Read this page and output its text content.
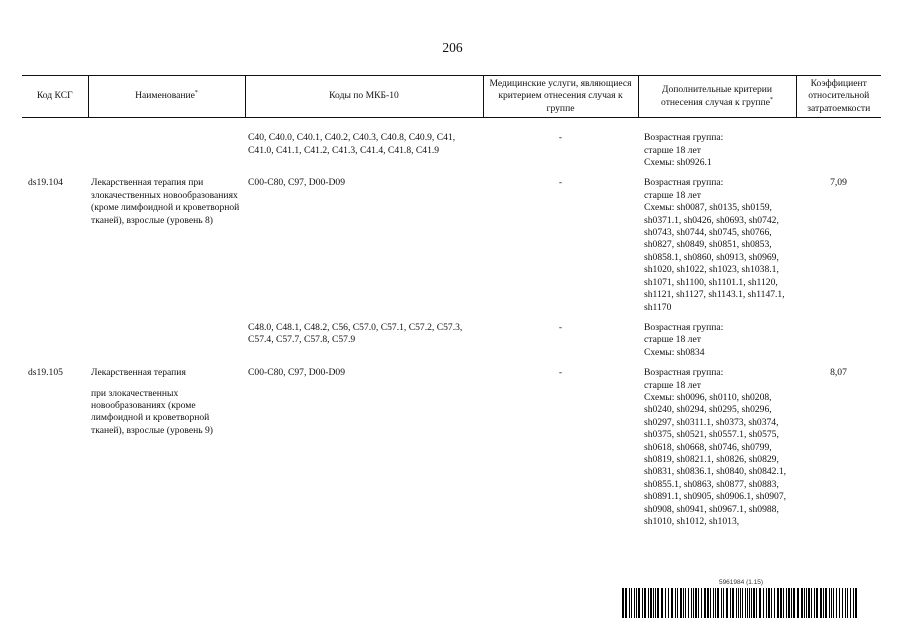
206
Код КСГ	Наименование*	Коды по МКБ-10	Медицинские услуги, являющиеся критерием отнесения случая к группе	Дополнительные критерии отнесения случая к группе*	Коэффициент относительной затратоемкости

		C40, C40.0, C40.1, C40.2, C40.3, C40.8, C40.9, C41, C41.0, C41.1, C41.2, C41.3, C41.4, C41.8, C41.9	-	Возрастная группа:
старше 18 лет
Схемы: sh0926.1	

ds19.104	Лекарственная терапия при злокачественных новообразованиях (кроме лимфоидной и кроветворной тканей), взрослые (уровень 8)	C00-C80, C97, D00-D09	-	Возрастная группа:
старше 18 лет
Схемы: sh0087, sh0135, sh0159, sh0371.1, sh0426, sh0693, sh0742, sh0743, sh0744, sh0745, sh0766, sh0827, sh0849, sh0851, sh0853, sh0858.1, sh0860, sh0913, sh0969, sh1020, sh1022, sh1023, sh1038.1, sh1071, sh1100, sh1101.1, sh1120, sh1121, sh1127, sh1143.1, sh1147.1, sh1170	7,09
		C48.0, C48.1, C48.2, C56, C57.0, C57.1, C57.2, C57.3, C57.4, C57.7, C57.8, C57.9	-	Возрастная группа:
старше 18 лет
Схемы: sh0834	

ds19.105	Лекарственная терапия
при злокачественных новообразованиях (кроме лимфоидной и кроветворной тканей), взрослые (уровень 9)	C00-C80, C97, D00-D09	-	Возрастная группа:
старше 18 лет
Схемы: sh0096, sh0110, sh0208, sh0240, sh0294, sh0295, sh0296, sh0297, sh0311.1, sh0373, sh0374, sh0375, sh0521, sh0557.1, sh0575, sh0618, sh0668, sh0746, sh0799, sh0819, sh0821.1, sh0826, sh0829, sh0831, sh0836.1, sh0840, sh0842.1, sh0855.1, sh0863, sh0877, sh0883, sh0891.1, sh0905, sh0906.1, sh0907, sh0908, sh0941, sh0967.1, sh0988, sh1010, sh1012, sh1013,	8,07
5961984 (1.15)
